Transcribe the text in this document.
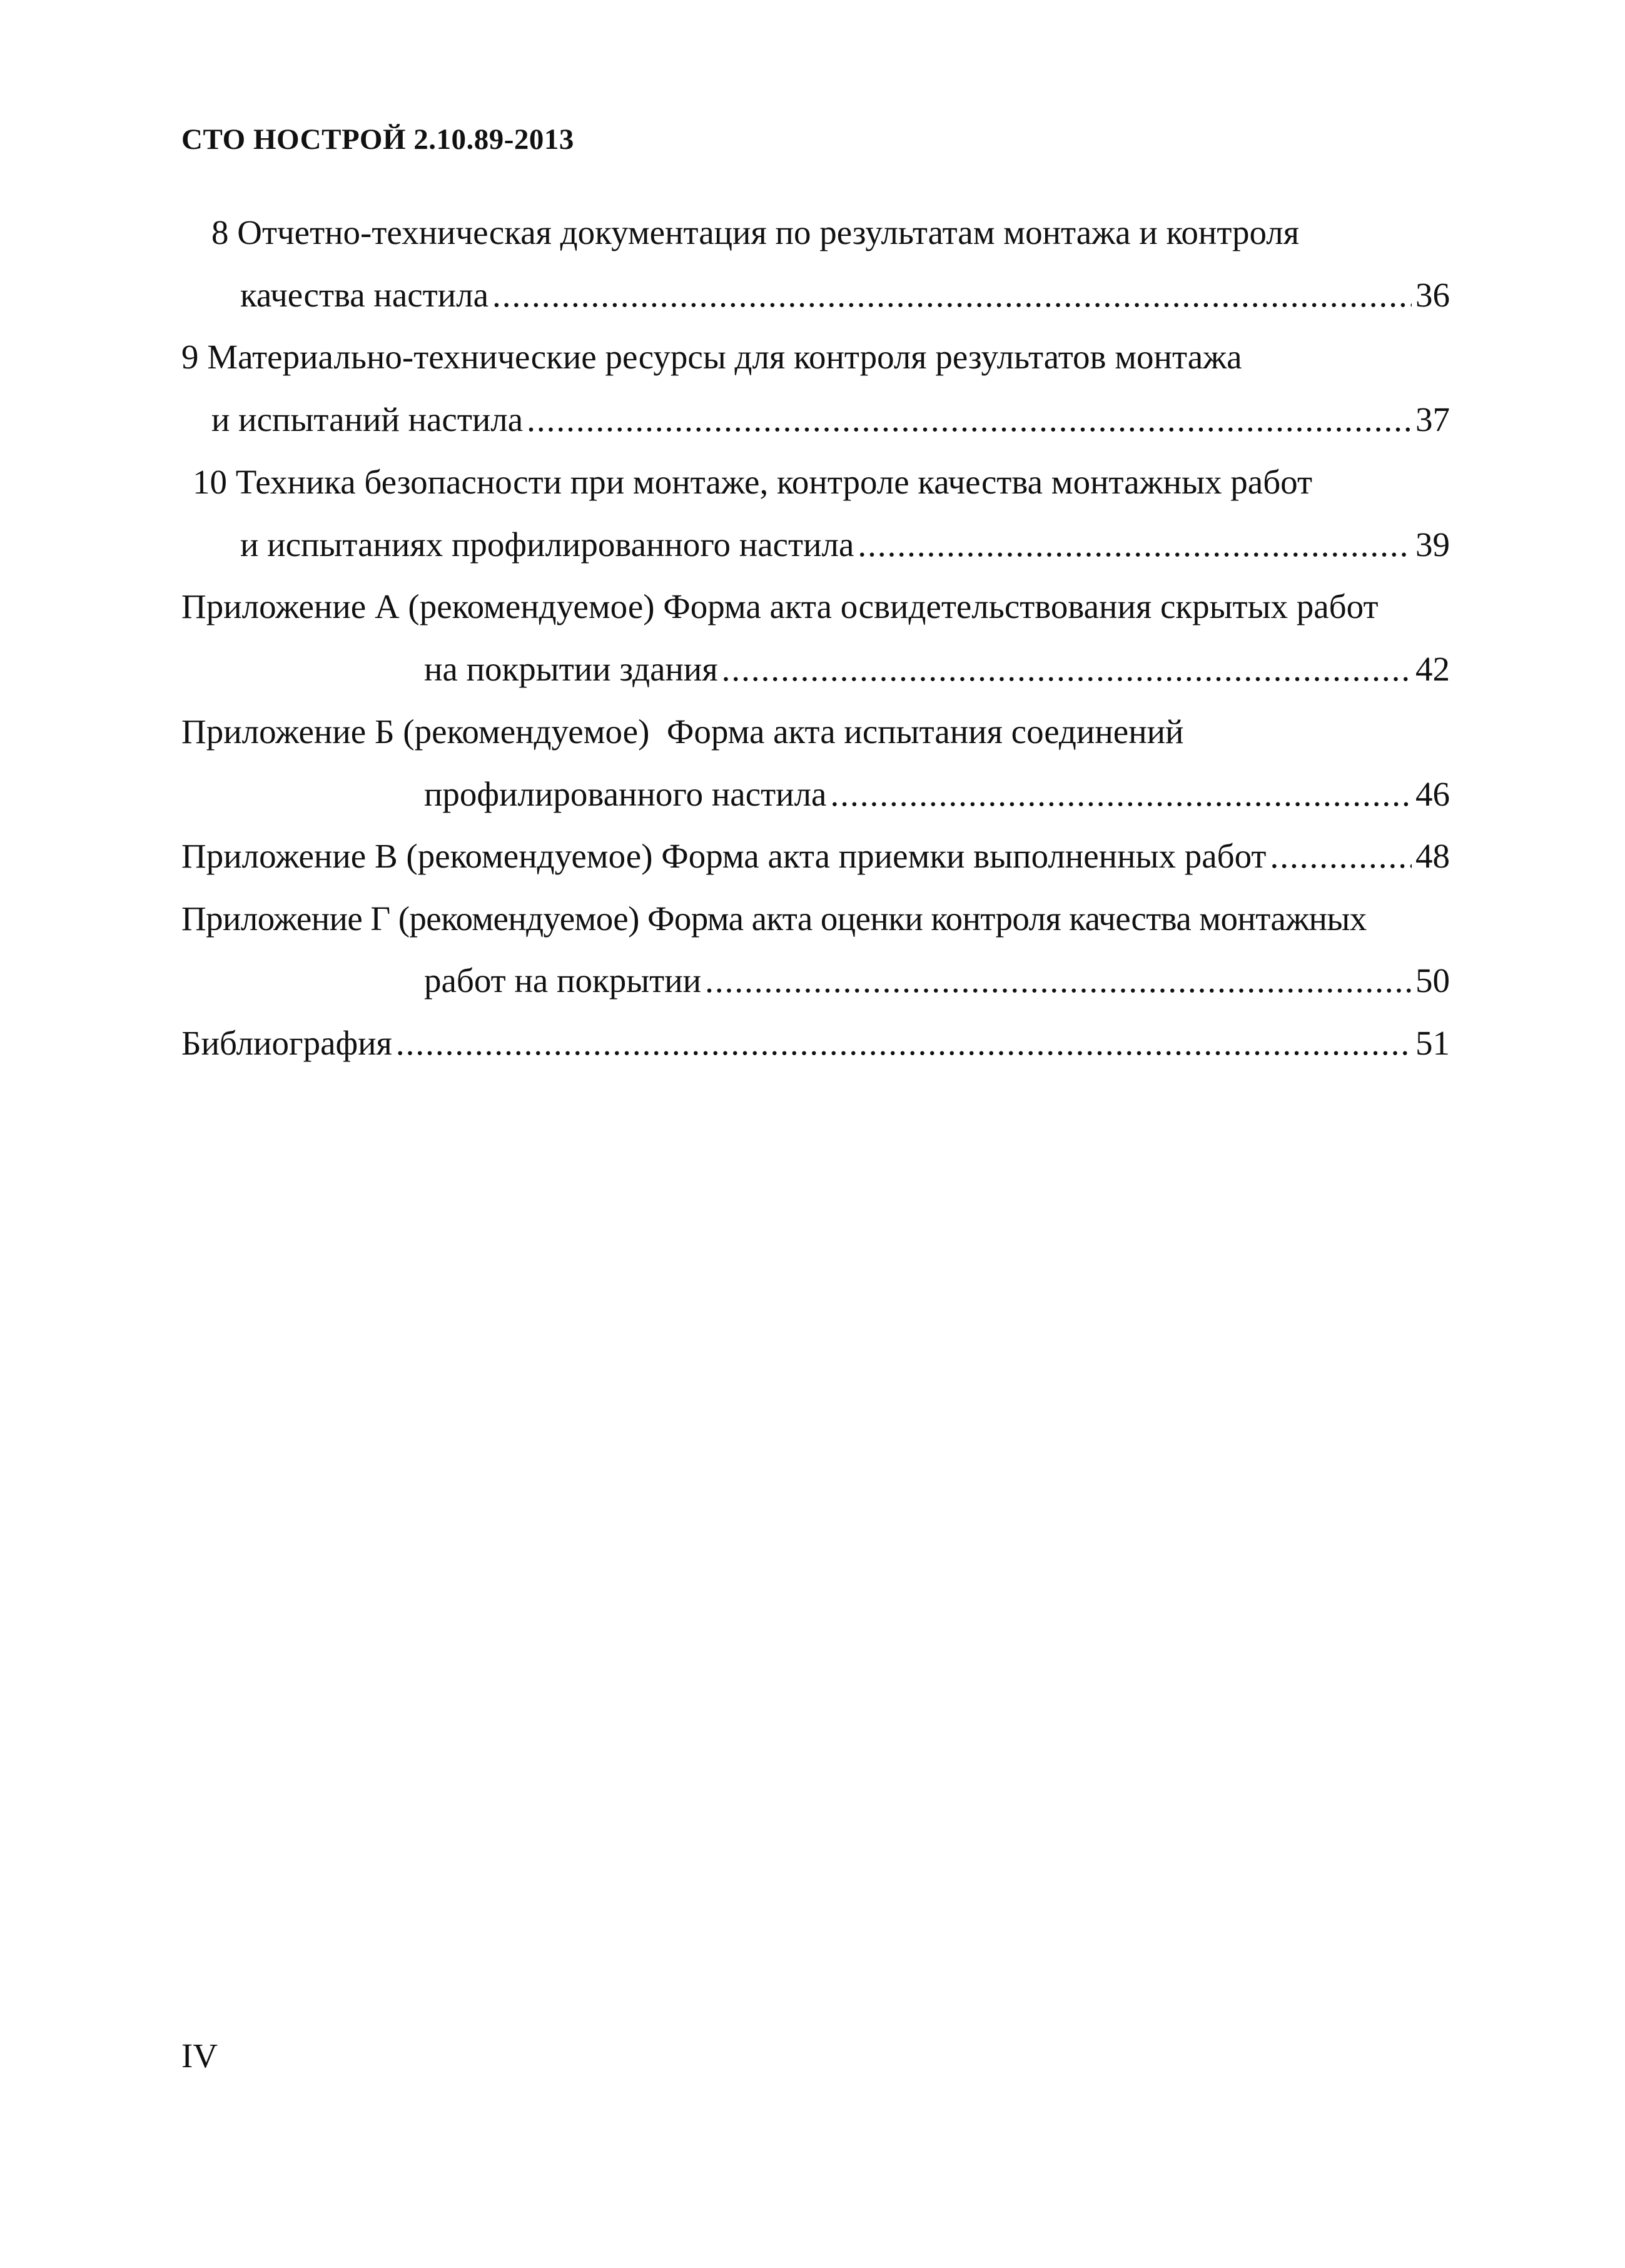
СТО НОСТРОЙ 2.10.89-2013
8 Отчетно-техническая документация по результатам монтажа и контроля
качества настила .....	36
9 Материально-технические ресурсы для контроля результатов монтажа
и испытаний настила .....	37
10 Техника безопасности при монтаже, контроле качества монтажных работ
и испытаниях профилированного настила .....	39
Приложение А (рекомендуемое) Форма акта освидетельствования скрытых работ
на покрытии здания .....	42
Приложение Б (рекомендуемое)  Форма акта испытания соединений
профилированного настила .....	46
Приложение В (рекомендуемое) Форма акта приемки выполненных работ .....	48
Приложение Г (рекомендуемое) Форма акта оценки контроля качества монтажных
работ на покрытии .....	50
Библиография .....	51
IV
